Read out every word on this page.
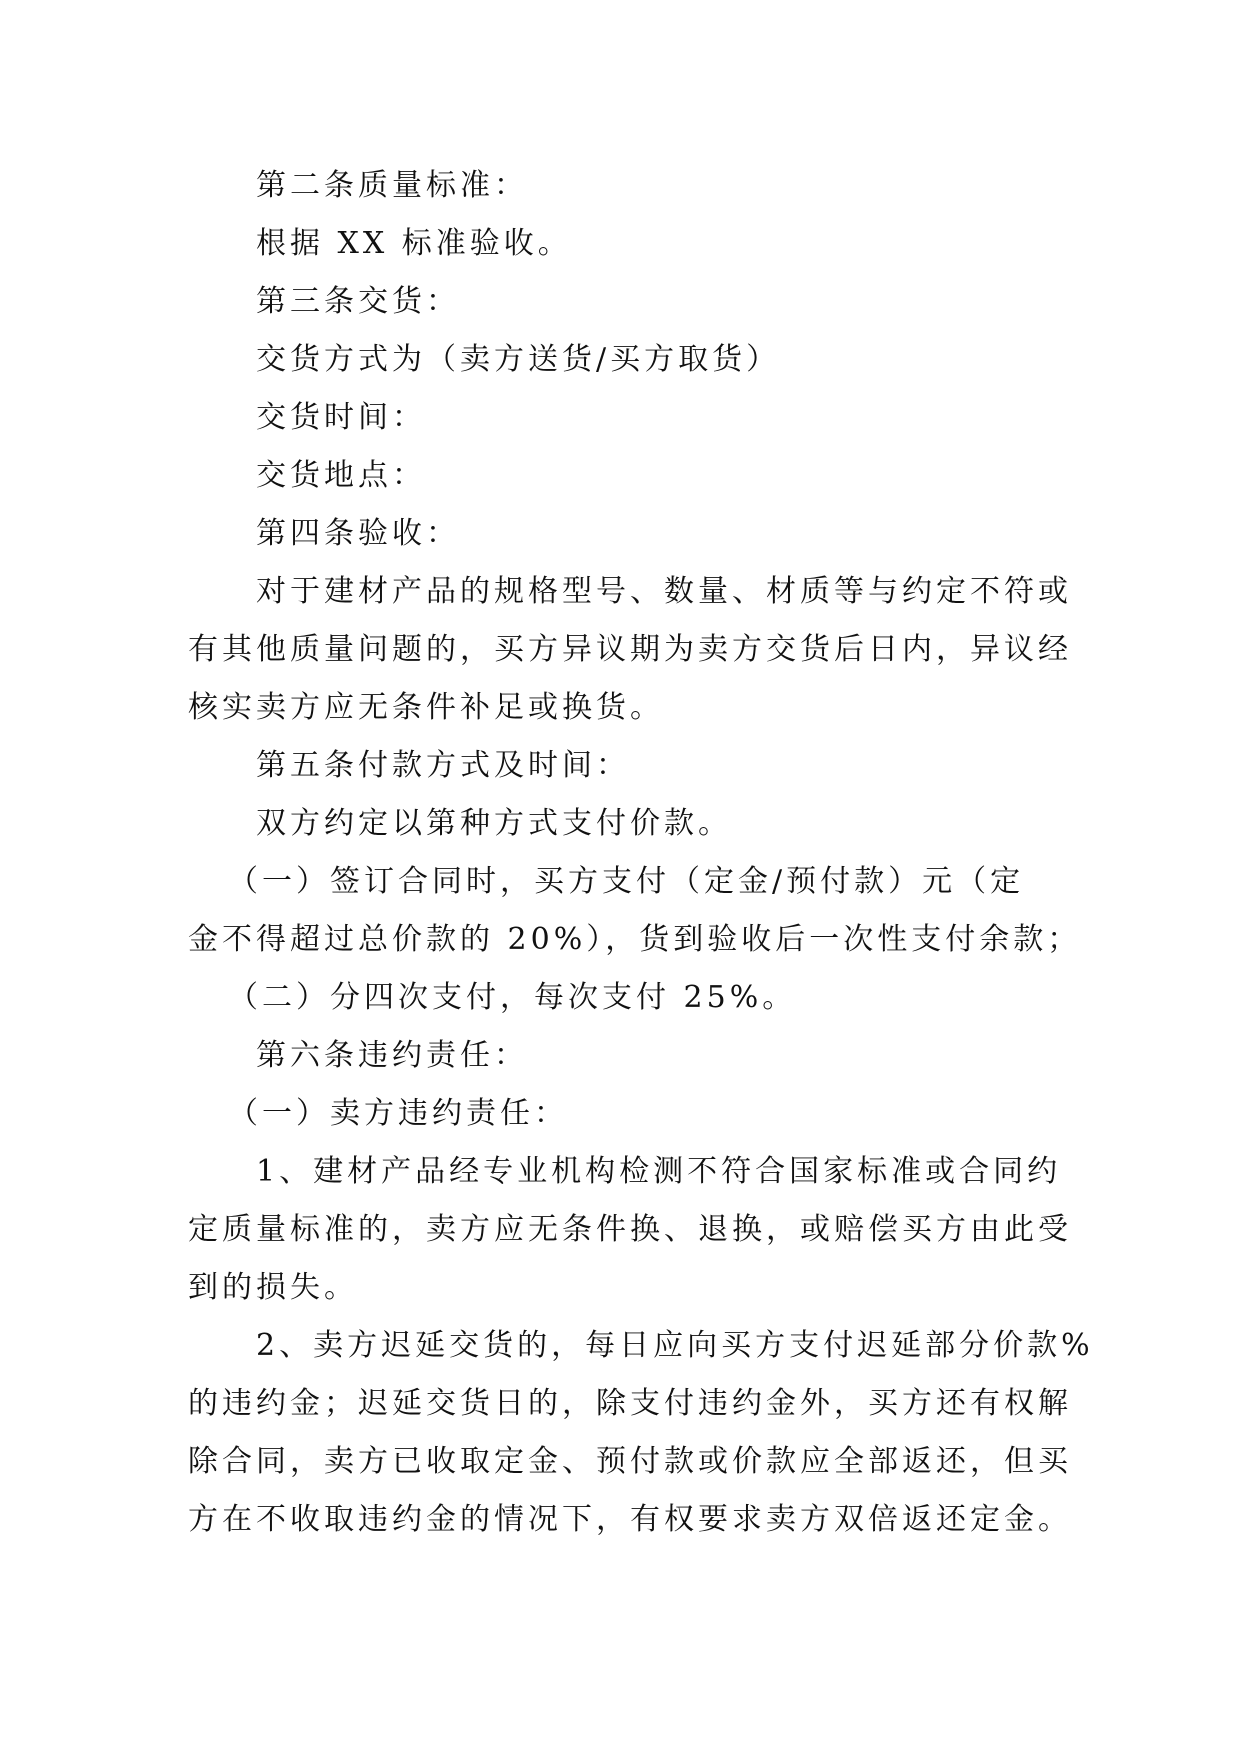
第二条质量标准：

根据 XX 标准验收。

第三条交货：

交货方式为（卖方送货/买方取货）

交货时间：

交货地点：

第四条验收：

对于建材产品的规格型号、数量、材质等与约定不符或
有其他质量问题的，买方异议期为卖方交货后日内，异议经
核实卖方应无条件补足或换货。

第五条付款方式及时间：

双方约定以第种方式支付价款。

（一）签订合同时，买方支付（定金/预付款）元（定
金不得超过总价款的 20%），货到验收后一次性支付余款；

（二）分四次支付，每次支付 25%。

第六条违约责任：

（一）卖方违约责任：

1、建材产品经专业机构检测不符合国家标准或合同约
定质量标准的，卖方应无条件换、退换，或赔偿买方由此受
到的损失。

2、卖方迟延交货的，每日应向买方支付迟延部分价款%
的违约金；迟延交货日的，除支付违约金外，买方还有权解
除合同，卖方已收取定金、预付款或价款应全部返还，但买
方在不收取违约金的情况下，有权要求卖方双倍返还定金。
